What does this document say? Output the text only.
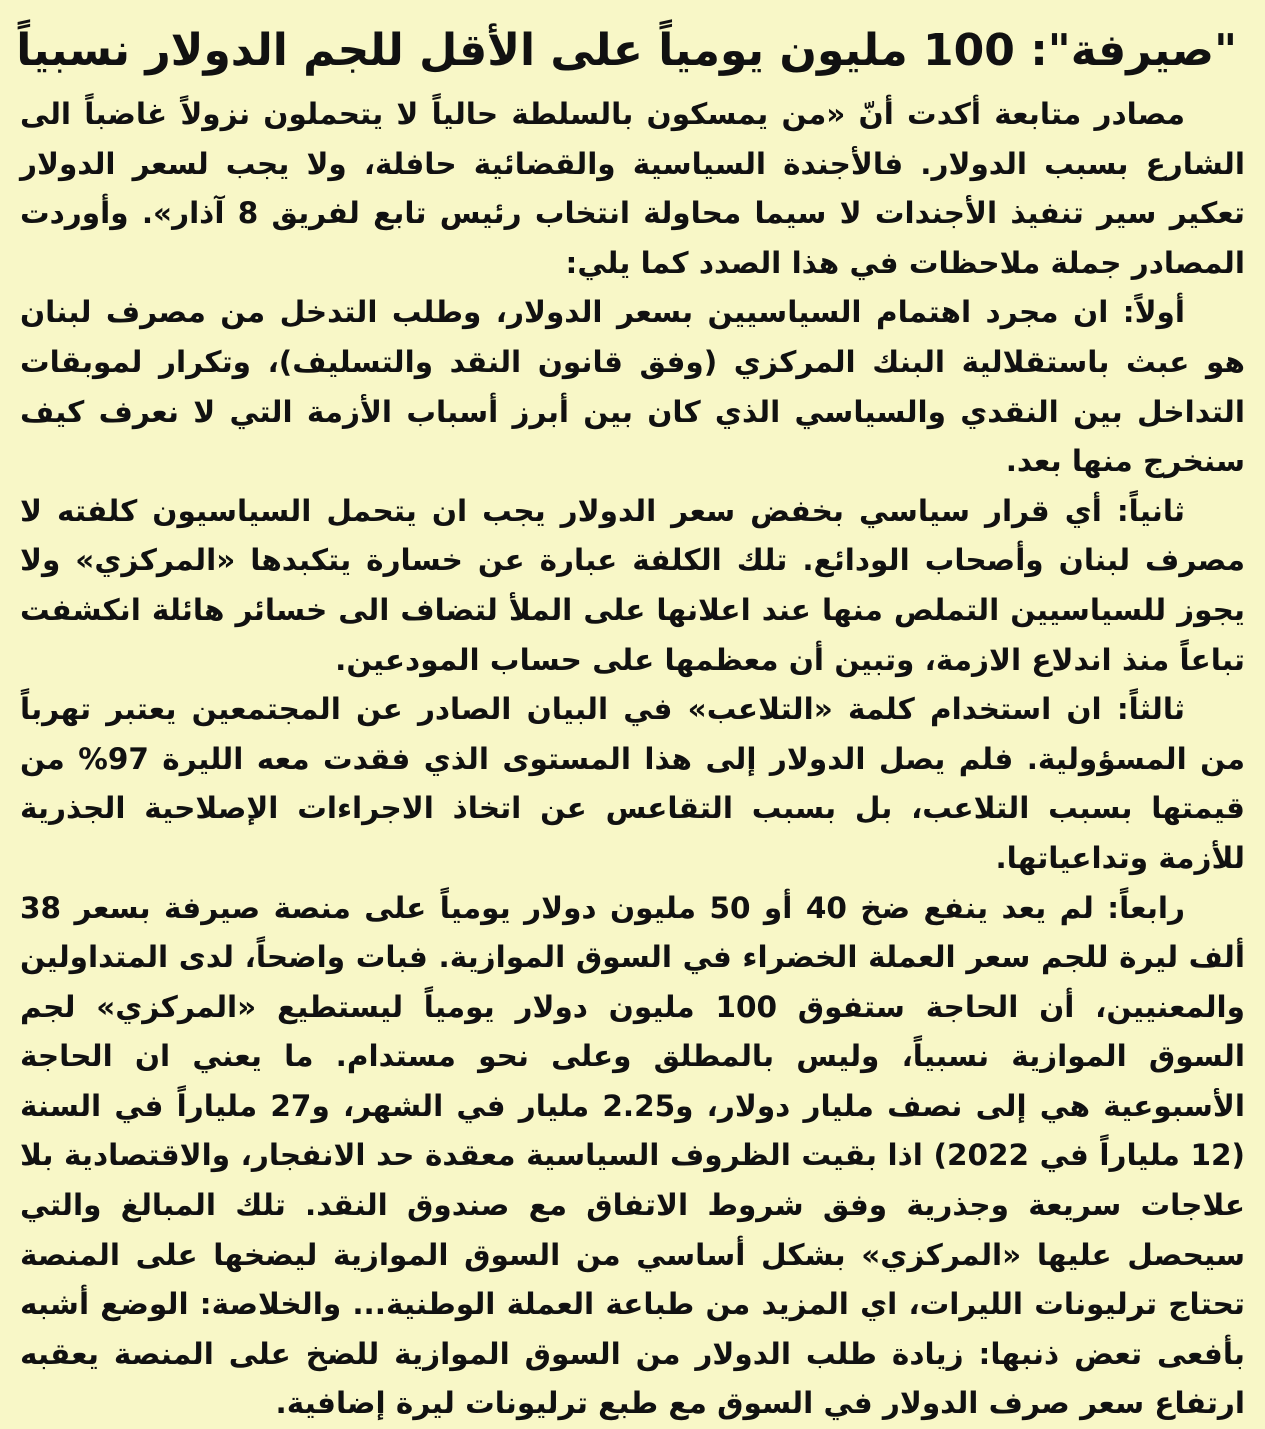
"صيرفة": 100 مليون يومياً على الأقل للجم الدولار نسبياً

مصادر متابعة أكدت أنّ «من يمسكون بالسلطة حالياً لا يتحملون نزولاً غاضباً الى الشارع بسبب الدولار. فالأجندة السياسية والقضائية حافلة، ولا يجب لسعر الدولار تعكير سير تنفيذ الأجندات لا سيما محاولة انتخاب رئيس تابع لفريق 8 آذار». وأوردت المصادر جملة ملاحظات في هذا الصدد كما يلي:

أولاً: ان مجرد اهتمام السياسيين بسعر الدولار، وطلب التدخل من مصرف لبنان هو عبث باستقلالية البنك المركزي (وفق قانون النقد والتسليف)، وتكرار لموبقات التداخل بين النقدي والسياسي الذي كان بين أبرز أسباب الأزمة التي لا نعرف كيف سنخرج منها بعد.

ثانياً: أي قرار سياسي بخفض سعر الدولار يجب ان يتحمل السياسيون كلفته لا مصرف لبنان وأصحاب الودائع. تلك الكلفة عبارة عن خسارة يتكبدها «المركزي» ولا يجوز للسياسيين التملص منها عند اعلانها على الملأ لتضاف الى خسائر هائلة انكشفت تباعاً منذ اندلاع الازمة، وتبين أن معظمها على حساب المودعين.

ثالثاً: ان استخدام كلمة «التلاعب» في البيان الصادر عن المجتمعين يعتبر تهرباً من المسؤولية. فلم يصل الدولار إلى هذا المستوى الذي فقدت معه الليرة 97% من قيمتها بسبب التلاعب، بل بسبب التقاعس عن اتخاذ الاجراءات الإصلاحية الجذرية للأزمة وتداعياتها.

رابعاً: لم يعد ينفع ضخ 40 أو 50 مليون دولار يومياً على منصة صيرفة بسعر 38 ألف ليرة للجم سعر العملة الخضراء في السوق الموازية. فبات واضحاً، لدى المتداولين والمعنيين، أن الحاجة ستفوق 100 مليون دولار يومياً ليستطيع «المركزي» لجم السوق الموازية نسبياً، وليس بالمطلق وعلى نحو مستدام. ما يعني ان الحاجة الأسبوعية هي إلى نصف مليار دولار، و2.25 مليار في الشهر، و27 ملياراً في السنة (12 ملياراً في 2022) اذا بقيت الظروف السياسية معقدة حد الانفجار، والاقتصادية بلا علاجات سريعة وجذرية وفق شروط الاتفاق مع صندوق النقد. تلك المبالغ والتي سيحصل عليها «المركزي» بشكل أساسي من السوق الموازية ليضخها على المنصة تحتاج ترليونات الليرات، اي المزيد من طباعة العملة الوطنية... والخلاصة: الوضع أشبه بأفعى تعض ذنبها: زيادة طلب الدولار من السوق الموازية للضخ على المنصة يعقبه ارتفاع سعر صرف الدولار في السوق مع طبع ترليونات ليرة إضافية.
